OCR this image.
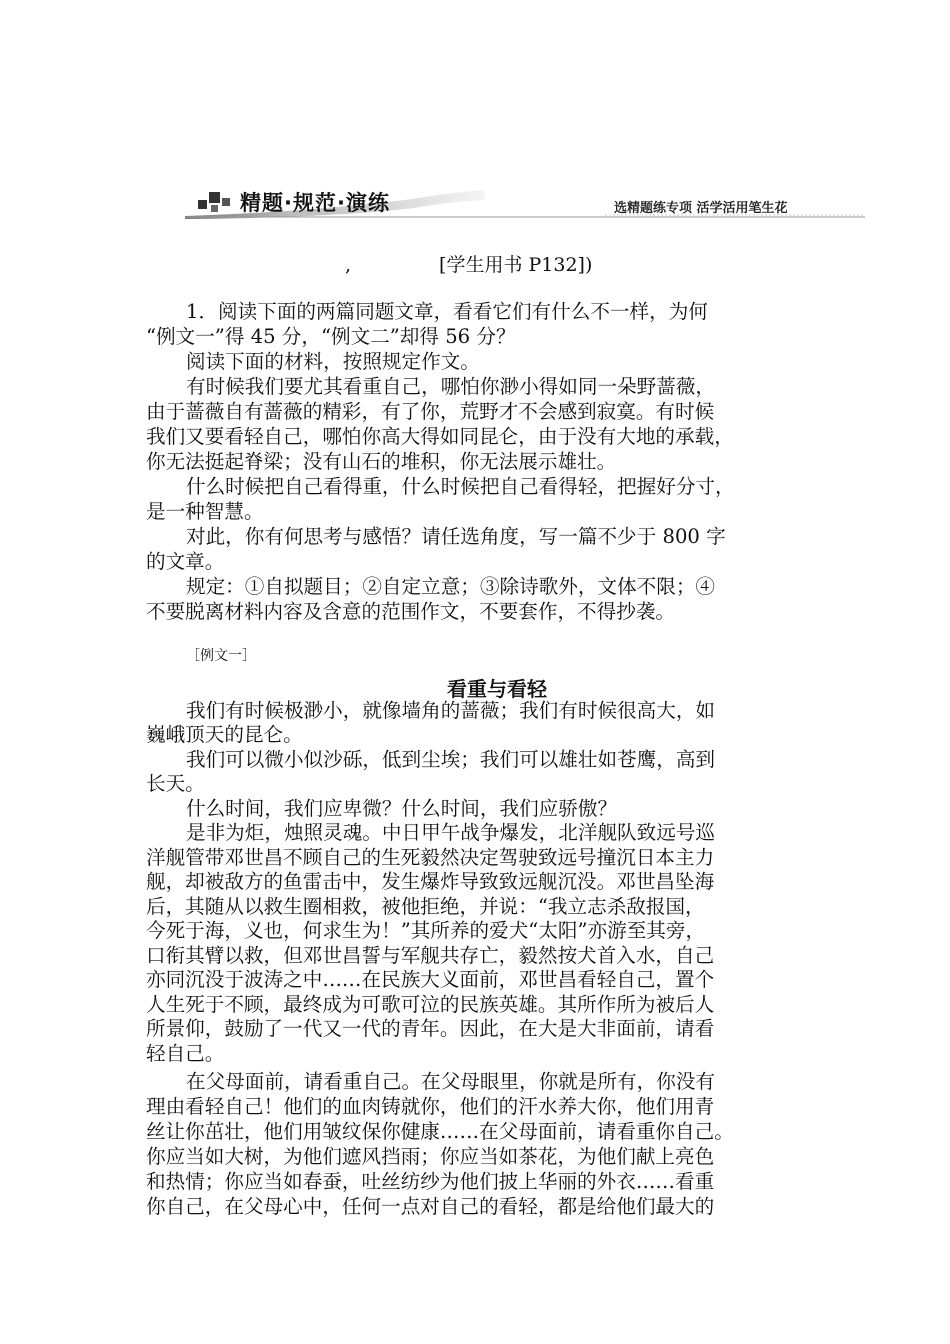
精题·规范·演练	选精题练专项 活学活用笔生花
,	[学生用书 P132])
1．阅读下面的两篇同题文章，看看它们有什么不一样，为何
“例文一”得 45 分，“例文二”却得 56 分？
阅读下面的材料，按照规定作文。
有时候我们要尤其看重自己，哪怕你渺小得如同一朵野蔷薇，
由于蔷薇自有蔷薇的精彩，有了你，荒野才不会感到寂寞。有时候
我们又要看轻自己，哪怕你高大得如同昆仑，由于没有大地的承载，
你无法挺起脊梁；没有山石的堆积，你无法展示雄壮。
什么时候把自己看得重，什么时候把自己看得轻，把握好分寸，
是一种智慧。
对此，你有何思考与感悟？请任选角度，写一篇不少于 800 字
的文章。
规定：①自拟题目；②自定立意；③除诗歌外，文体不限；④
不要脱离材料内容及含意的范围作文，不要套作，不得抄袭。
［例文一］
看重与看轻
我们有时候极渺小，就像墙角的蔷薇；我们有时候很高大，如
巍峨顶天的昆仑。
我们可以微小似沙砾，低到尘埃；我们可以雄壮如苍鹰，高到
长天。
什么时间，我们应卑微？什么时间，我们应骄傲？
是非为炬，烛照灵魂。中日甲午战争爆发，北洋舰队致远号巡
洋舰管带邓世昌不顾自己的生死毅然决定驾驶致远号撞沉日本主力
舰，却被敌方的鱼雷击中，发生爆炸导致致远舰沉没。邓世昌坠海
后，其随从以救生圈相救，被他拒绝，并说：“我立志杀敌报国，
今死于海，义也，何求生为！”其所养的爱犬“太阳”亦游至其旁，
口衔其臂以救，但邓世昌誓与军舰共存亡，毅然按犬首入水，自己
亦同沉没于波涛之中……在民族大义面前，邓世昌看轻自己，置个
人生死于不顾，最终成为可歌可泣的民族英雄。其所作所为被后人
所景仰，鼓励了一代又一代的青年。因此，在大是大非面前，请看
轻自己。
在父母面前，请看重自己。在父母眼里，你就是所有，你没有
理由看轻自己！他们的血肉铸就你，他们的汗水养大你，他们用青
丝让你茁壮，他们用皱纹保你健康……在父母面前，请看重你自己。
你应当如大树，为他们遮风挡雨；你应当如茶花，为他们献上亮色
和热情；你应当如春蚕，吐丝纺纱为他们披上华丽的外衣……看重
你自己，在父母心中，任何一点对自己的看轻，都是给他们最大的
